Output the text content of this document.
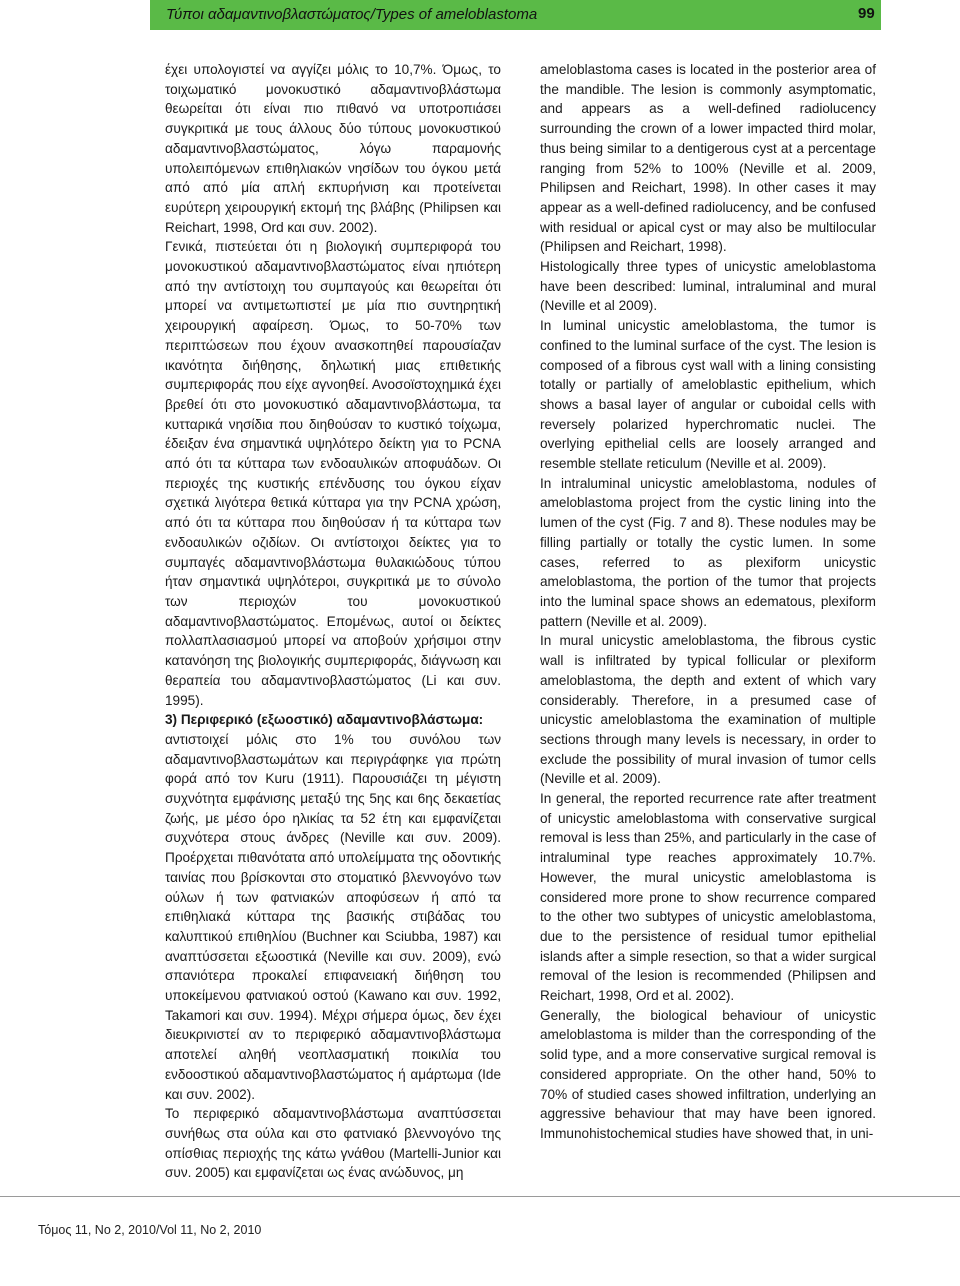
Τύποι αδαμαντινοβλαστώματος/Types of ameloblastoma	99

έχει υπολογιστεί να αγγίζει μόλις το 10,7%. Όμως, το τοιχωματικό μονοκυστικό αδαμαντινοβλάστωμα θεωρείται ότι είναι πιο πιθανό να υποτροπιάσει συγκριτικά με τους άλλους δύο τύπους μονοκυστικού αδαμαντινοβλαστώματος, λόγω παραμονής υπολειπόμενων επιθηλιακών νησίδων του όγκου μετά από από μία απλή εκπυρήνιση και προτείνεται ευρύτερη χειρουργική εκτομή της βλάβης (Philipsen και Reichart, 1998, Ord και συν. 2002).

Γενικά, πιστεύεται ότι η βιολογική συμπεριφορά του μονοκυστικού αδαμαντινοβλαστώματος είναι ηπιότερη από την αντίστοιχη του συμπαγούς και θεωρείται ότι μπορεί να αντιμετωπιστεί με μία πιο συντηρητική χειρουργική αφαίρεση. Όμως, το 50-70% των περιπτώσεων που έχουν ανασκοπηθεί παρουσίαζαν ικανότητα διήθησης, δηλωτική μιας επιθετικής συμπεριφοράς που είχε αγνοηθεί. Ανοσοϊστοχημικά έχει βρεθεί ότι στο μονοκυστικό αδαμαντινοβλάστωμα, τα κυτταρικά νησίδια που διηθούσαν το κυστικό τοίχωμα, έδειξαν ένα σημαντικά υψηλότερο δείκτη για το PCNA από ότι τα κύτταρα των ενδοαυλικών αποφυάδων. Οι περιοχές της κυστικής επένδυσης του όγκου είχαν σχετικά λιγότερα θετικά κύτταρα για την PCNA χρώση, από ότι τα κύτταρα που διηθούσαν ή τα κύτταρα των ενδοαυλικών οζιδίων. Οι αντίστοιχοι δείκτες για το συμπαγές αδαμαντινοβλάστωμα θυλακιώδους τύπου ήταν σημαντικά υψηλότεροι, συγκριτικά με το σύνολο των περιοχών του μονοκυστικού αδαμαντινοβλαστώματος. Επομένως, αυτοί οι δείκτες πολλαπλασιασμού μπορεί να αποβούν χρήσιμοι στην κατανόηση της βιολογικής συμπεριφοράς, διάγνωση και θεραπεία του αδαμαντινοβλαστώματος (Li και συν. 1995).

3) Περιφερικό (εξωοστικό) αδαμαντινοβλάστωμα:

αντιστοιχεί μόλις στο 1% του συνόλου των αδαμαντινοβλαστωμάτων και περιγράφηκε για πρώτη φορά από τον Kuru (1911). Παρουσιάζει τη μέγιστη συχνότητα εμφάνισης μεταξύ της 5ης και 6ης δεκαετίας ζωής, με μέσο όρο ηλικίας τα 52 έτη και εμφανίζεται συχνότερα στους άνδρες (Neville και συν. 2009). Προέρχεται πιθανότατα από υπολείμματα της οδοντικής ταινίας που βρίσκονται στο στοματικό βλεννογόνο των ούλων ή των φατνιακών αποφύσεων ή από τα επιθηλιακά κύτταρα της βασικής στιβάδας του καλυπτικού επιθηλίου (Buchner και Sciubba, 1987) και αναπτύσσεται εξωοστικά (Neville και συν. 2009), ενώ σπανιότερα προκαλεί επιφανειακή διήθηση του υποκείμενου φατνιακού οστού (Kawano και συν. 1992, Takamori και συν. 1994). Μέχρι σήμερα όμως, δεν έχει διευκρινιστεί αν το περιφερικό αδαμαντινοβλάστωμα αποτελεί αληθή νεοπλασματική ποικιλία του ενδοοστικού αδαμαντινοβλαστώματος ή αμάρτωμα (Ide και συν. 2002).

Το περιφερικό αδαμαντινοβλάστωμα αναπτύσσεται συνήθως στα ούλα και στο φατνιακό βλεννογόνο της οπίσθιας περιοχής της κάτω γνάθου (Martelli-Junior και συν. 2005) και εμφανίζεται ως ένας ανώδυνος, μη

ameloblastoma cases is located in the posterior area of the mandible. The lesion is commonly asymptomatic, and appears as a well-defined radiolucency surrounding the crown of a lower impacted third molar, thus being similar to a dentigerous cyst at a percentage ranging from 52% to 100% (Neville et al. 2009, Philipsen and Reichart, 1998). In other cases it may appear as a well-defined radiolucency, and be confused with residual or apical cyst or may also be multilocular (Philipsen and Reichart, 1998).

Histologically three types of unicystic ameloblastoma have been described: luminal, intraluminal and mural (Neville et al 2009).

In luminal unicystic ameloblastoma, the tumor is confined to the luminal surface of the cyst. The lesion is composed of a fibrous cyst wall with a lining consisting totally or partially of ameloblastic epithelium, which shows a basal layer of angular or cuboidal cells with reversely polarized hyperchromatic nuclei. The overlying epithelial cells are loosely arranged and resemble stellate reticulum (Neville et al. 2009).

In intraluminal unicystic ameloblastoma, nodules of ameloblastoma project from the cystic lining into the lumen of the cyst (Fig. 7 and 8). These nodules may be filling partially or totally the cystic lumen. In some cases, referred to as plexiform unicystic ameloblastoma, the portion of the tumor that projects into the luminal space shows an edematous, plexiform pattern (Neville et al. 2009).

In mural unicystic ameloblastoma, the fibrous cystic wall is infiltrated by typical follicular or plexiform ameloblastoma, the depth and extent of which vary considerably. Therefore, in a presumed case of unicystic ameloblastoma the examination of multiple sections through many levels is necessary, in order to exclude the possibility of mural invasion of tumor cells (Neville et al. 2009).

In general, the reported recurrence rate after treatment of unicystic ameloblastoma with conservative surgical removal is less than 25%, and particularly in the case of intraluminal type reaches approximately 10.7%. However, the mural unicystic ameloblastoma is considered more prone to show recurrence compared to the other two subtypes of unicystic ameloblastoma, due to the persistence of residual tumor epithelial islands after a simple resection, so that a wider surgical removal of the lesion is recommended (Philipsen and Reichart, 1998, Ord et al. 2002).

Generally, the biological behaviour of unicystic ameloblastoma is milder than the corresponding of the solid type, and a more conservative surgical removal is considered appropriate. On the other hand, 50% to 70% of studied cases showed infiltration, underlying an aggressive behaviour that may have been ignored. Immunohistochemical studies have showed that, in uni-

Τόμος 11, Νο 2, 2010/Vol 11, No 2, 2010
